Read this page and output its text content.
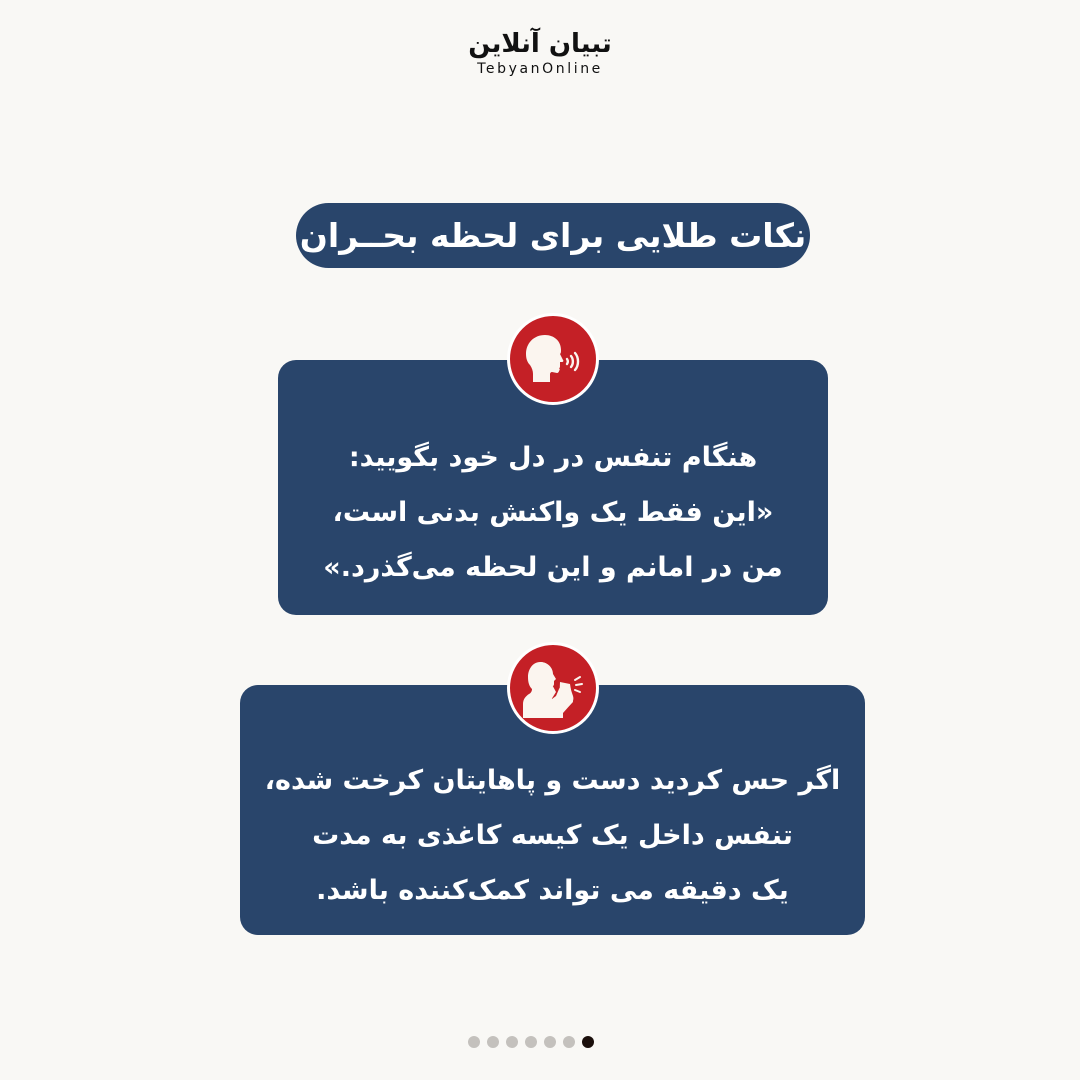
تبیان آنلاین
TebyanOnline
نکات طلایی برای لحظه بحــران

هنگام تنفس در دل خود بگویید:

«این فقط یک واکنش بدنی است،

من در امانم و این لحظه می‌گذرد.»

اگر حس کردید دست و پاهایتان کرخت شده،

تنفس داخل یک کیسه کاغذی به مدت

یک دقیقه می تواند کمک‌کننده باشد.
